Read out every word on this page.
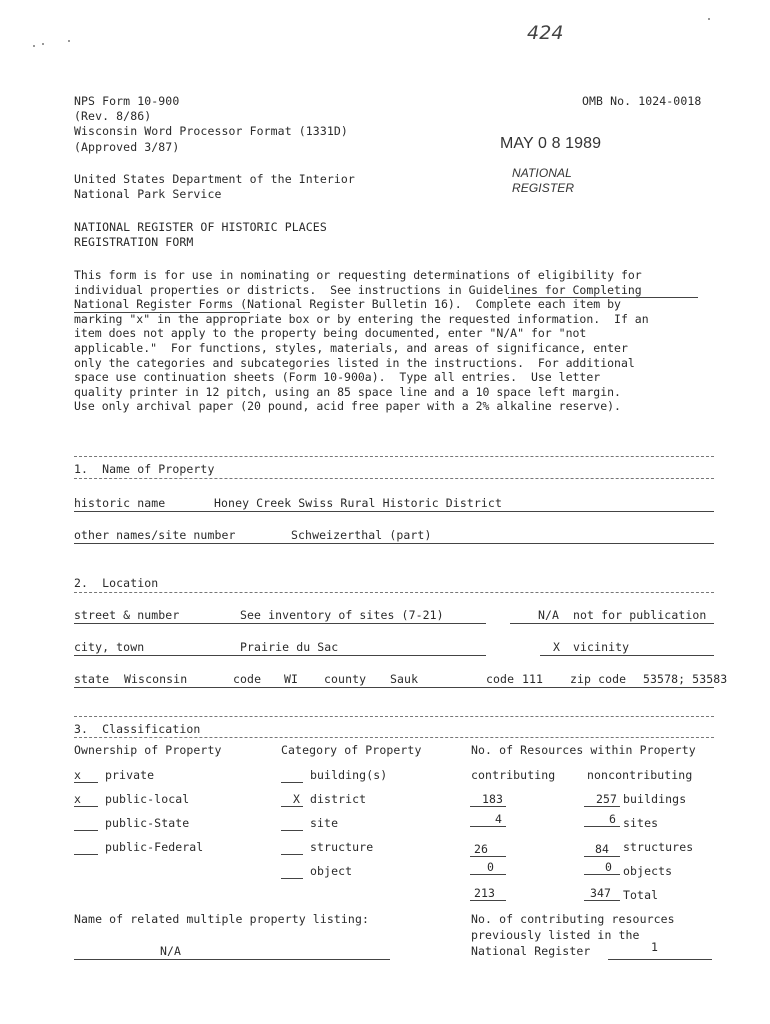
424
NPS Form 10-900
(Rev. 8/86)
Wisconsin Word Processor Format (1331D)
(Approved 3/87)
OMB No. 1024-0018
MAY 0 8 1989
NATIONAL
REGISTER
United States Department of the Interior
National Park Service
NATIONAL REGISTER OF HISTORIC PLACES
REGISTRATION FORM
This form is for use in nominating or requesting determinations of eligibility for
individual properties or districts.  See instructions in Guidelines for Completing
National Register Forms (National Register Bulletin 16).  Complete each item by
marking "x" in the appropriate box or by entering the requested information.  If an
item does not apply to the property being documented, enter "N/A" for "not
applicable."  For functions, styles, materials, and areas of significance, enter
only the categories and subcategories listed in the instructions.  For additional
space use continuation sheets (Form 10-900a).  Type all entries.  Use letter
quality printer in 12 pitch, using an 85 space line and a 10 space left margin.
Use only archival paper (20 pound, acid free paper with a 2% alkaline reserve).
1.  Name of Property
historic name	Honey Creek Swiss Rural Historic District
other names/site number	Schweizerthal (part)
2.  Location
street & number	See inventory of sites (7-21)	N/A not for publication
city, town	Prairie du Sac	X vicinity
state Wisconsin	code WI county Sauk	code 111 zip code 53578; 53583
3.  Classification
Ownership of Property	Category of Property	No. of Resources within Property
contributing	noncontributing
x private
x public-local
public-State
public-Federal
building(s)
X district
site
structure
object
183	257 buildings
4	6 sites
26	84 structures
0	0 objects
213	347 Total
Name of related multiple property listing:
N/A
No. of contributing resources
previously listed in the
National Register	1
